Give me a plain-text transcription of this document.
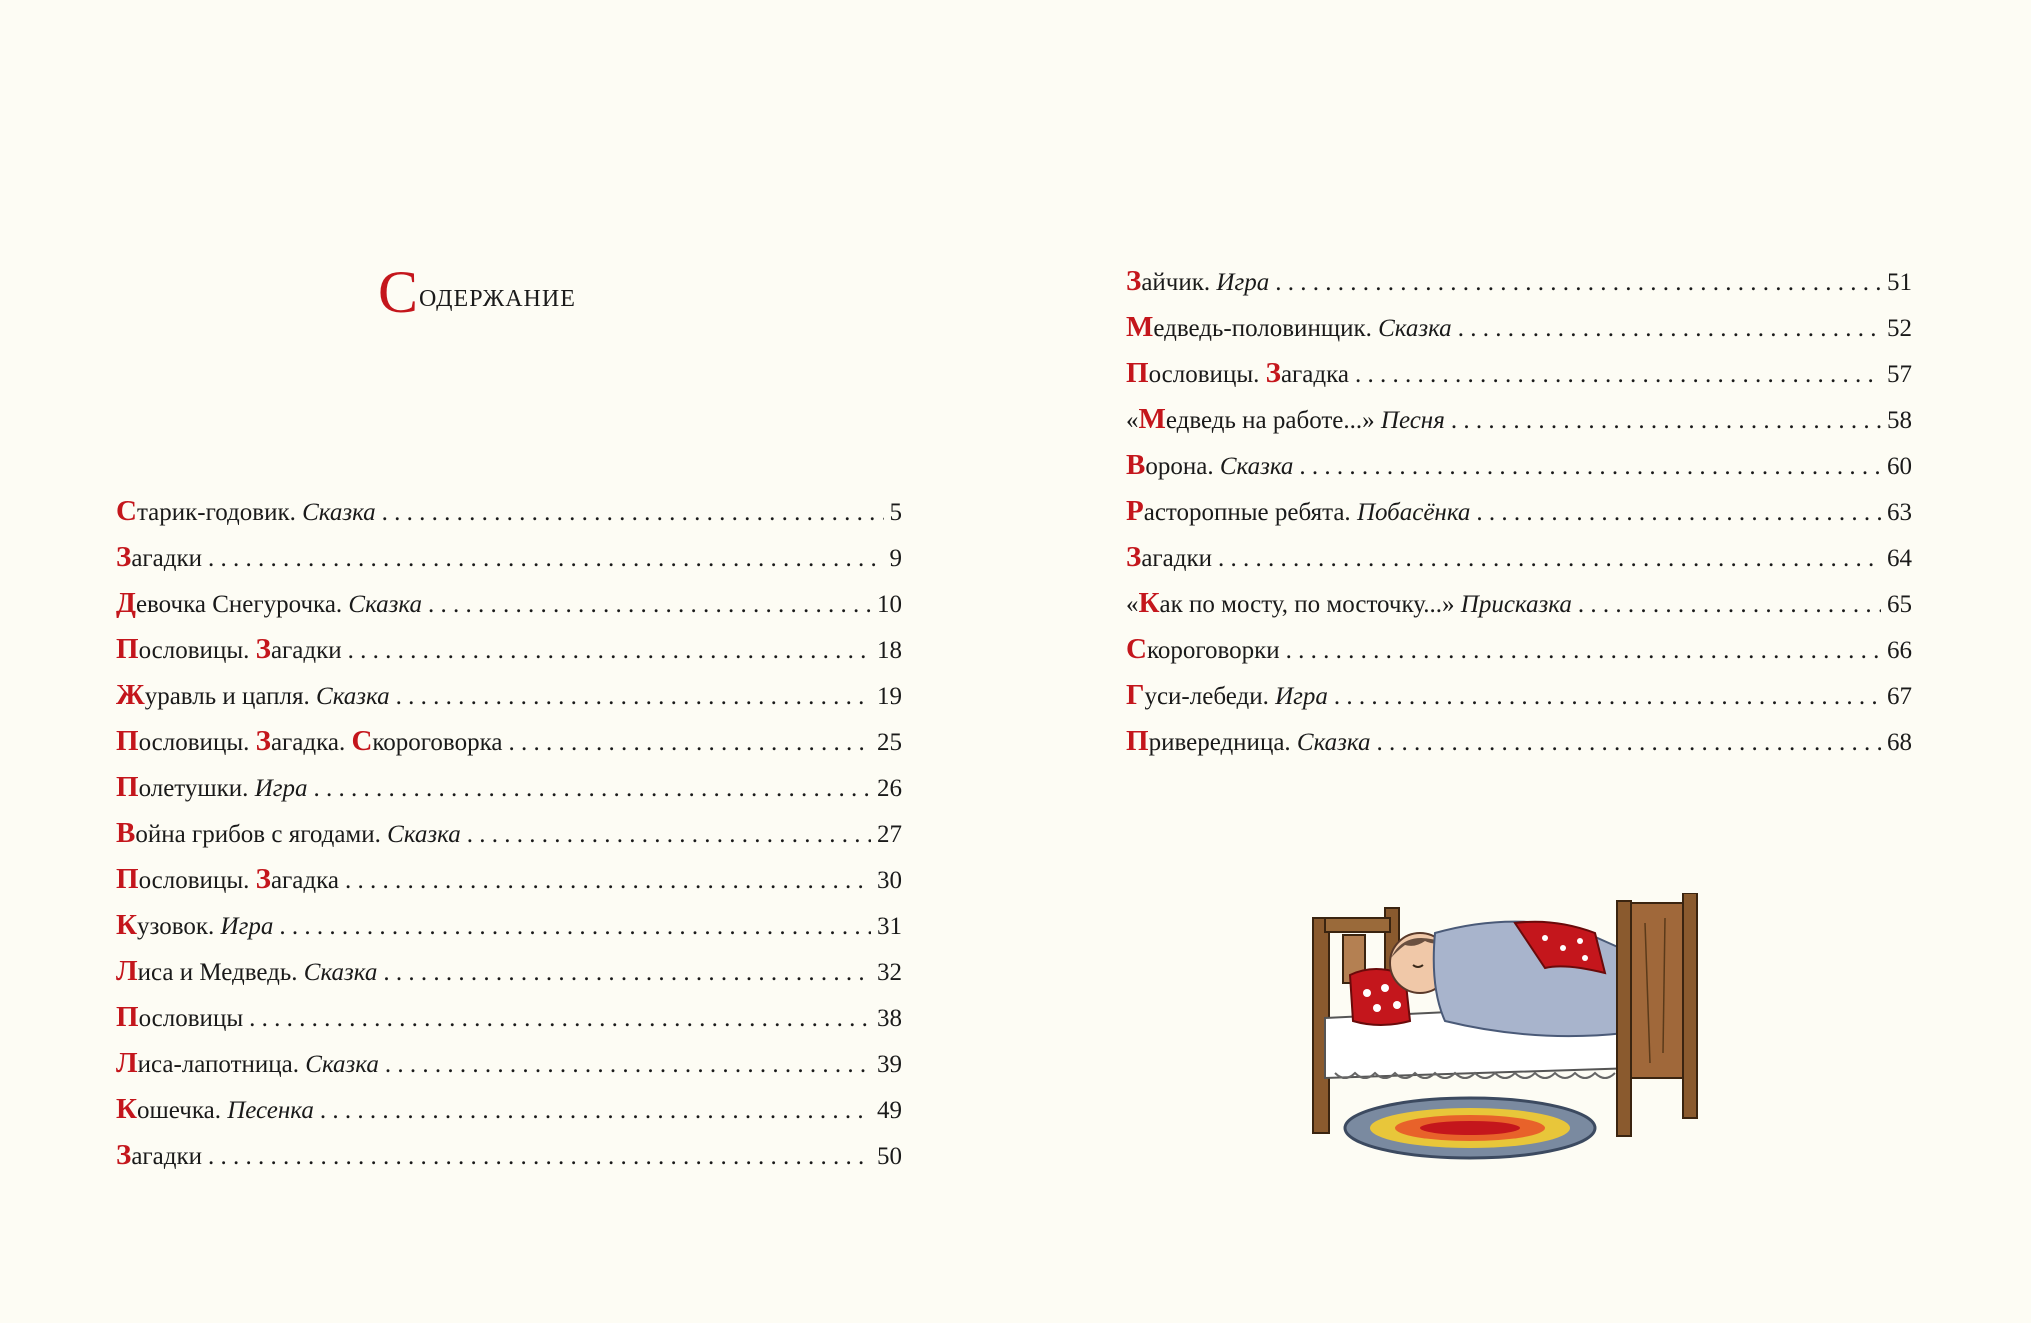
Содержание
Старик-годовик. Сказка . . .	5
Загадки . . .	9
Девочка Снегурочка. Сказка . . .	10
Пословицы. Загадки . . .	18
Журавль и цапля. Сказка . . .	19
Пословицы. Загадка. Скороговорка . . .	25
Полетушки. Игра . . .	26
Война грибов с ягодами. Сказка . . .	27
Пословицы. Загадка . . .	30
Кузовок. Игра . . .	31
Лиса и Медведь. Сказка . . .	32
Пословицы . . .	38
Лиса-лапотница. Сказка . . .	39
Кошечка. Песенка . . .	49
Загадки . . .	50
Зайчик. Игра . . .	51
Медведь-половинщик. Сказка . . .	52
Пословицы. Загадка . . .	57
«Медведь на работе...» Песня . . .	58
Ворона. Сказка . . .	60
Расторопные ребята. Побасёнка . . .	63
Загадки . . .	64
«Как по мосту, по мосточку...» Присказка . . .	65
Скороговорки . . .	66
Гуси-лебеди. Игра . . .	67
Привередница. Сказка . . .	68
